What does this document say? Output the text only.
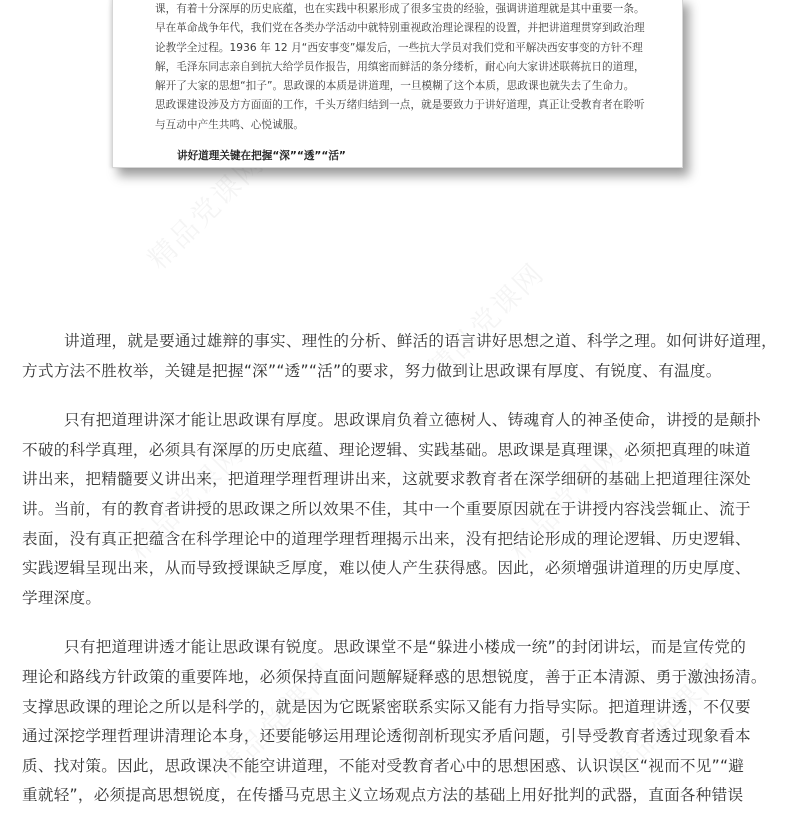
课，有着十分深厚的历史底蕴，也在实践中积累形成了很多宝贵的经验，强调讲道理就是其中重要一条。
早在革命战争年代，我们党在各类办学活动中就特别重视政治理论课程的设置，并把讲道理贯穿到政治理
论教学全过程。1936 年 12 月“西安事变”爆发后，一些抗大学员对我们党和平解决西安事变的方针不理
解，毛泽东同志亲自到抗大给学员作报告，用缜密而鲜活的条分缕析，耐心向大家讲述联蒋抗日的道理，
解开了大家的思想“扣子”。思政课的本质是讲道理，一旦模糊了这个本质，思政课也就失去了生命力。
思政课建设涉及方方面面的工作，千头万绪归结到一点，就是要致力于讲好道理，真正让受教育者在聆听
与互动中产生共鸣、心悦诚服。
讲好道理关键在把握“深”“透”“活”
讲道理，就是要通过雄辩的事实、理性的分析、鲜活的语言讲好思想之道、科学之理。如何讲好道理，
方式方法不胜枚举，关键是把握“深”“透”“活”的要求，努力做到让思政课有厚度、有锐度、有温度。
只有把道理讲深才能让思政课有厚度。思政课肩负着立德树人、铸魂育人的神圣使命，讲授的是颠扑
不破的科学真理，必须具有深厚的历史底蕴、理论逻辑、实践基础。思政课是真理课，必须把真理的味道
讲出来，把精髓要义讲出来，把道理学理哲理讲出来，这就要求教育者在深学细研的基础上把道理往深处
讲。当前，有的教育者讲授的思政课之所以效果不佳，其中一个重要原因就在于讲授内容浅尝辄止、流于
表面，没有真正把蕴含在科学理论中的道理学理哲理揭示出来，没有把结论形成的理论逻辑、历史逻辑、
实践逻辑呈现出来，从而导致授课缺乏厚度，难以使人产生获得感。因此，必须增强讲道理的历史厚度、
学理深度。
只有把道理讲透才能让思政课有锐度。思政课堂不是“躲进小楼成一统”的封闭讲坛，而是宣传党的
理论和路线方针政策的重要阵地，必须保持直面问题解疑释惑的思想锐度，善于正本清源、勇于激浊扬清。
支撑思政课的理论之所以是科学的，就是因为它既紧密联系实际又能有力指导实际。把道理讲透，不仅要
通过深挖学理哲理讲清理论本身，还要能够运用理论透彻剖析现实矛盾问题，引导受教育者透过现象看本
质、找对策。因此，思政课决不能空讲道理，不能对受教育者心中的思想困惑、认识误区“视而不见”“避
重就轻”，必须提高思想锐度，在传播马克思主义立场观点方法的基础上用好批判的武器，直面各种错误
